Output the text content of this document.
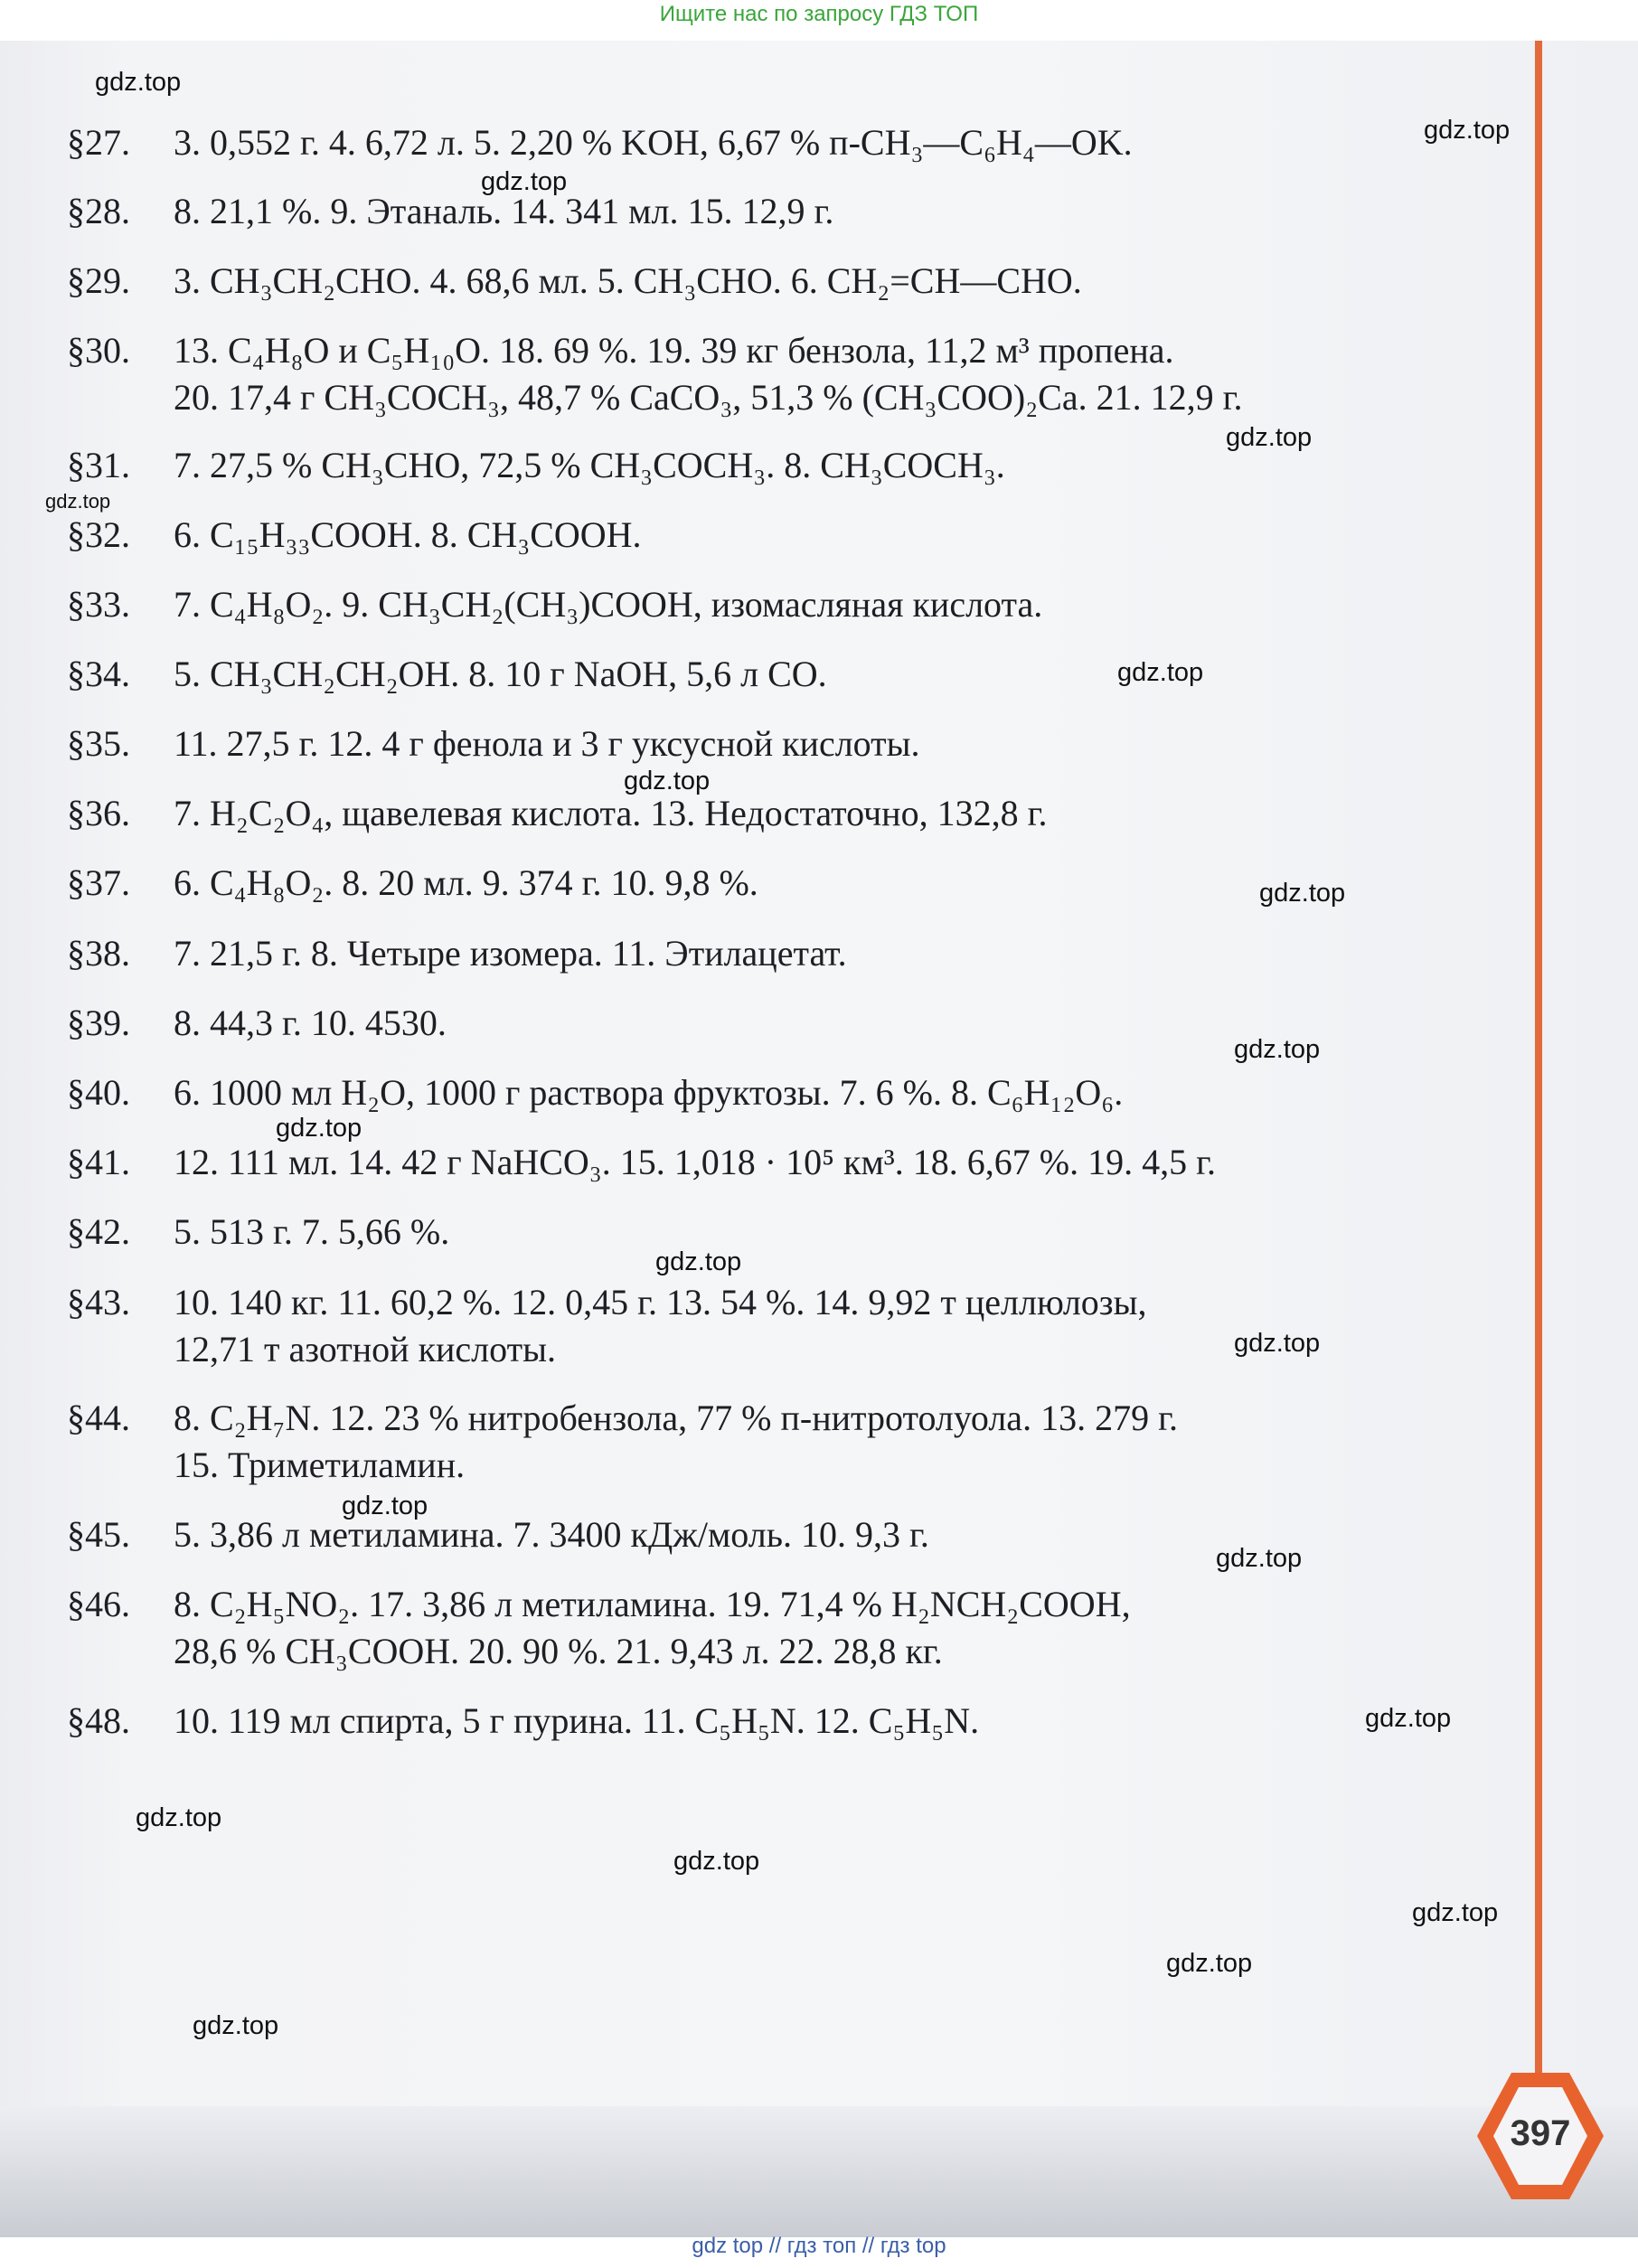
Ищите нас по запросу ГДЗ ТОП
§27. 3. 0,552 г. 4. 6,72 л. 5. 2,20 % KOH, 6,67 % п-CH₃—C₆H₄—OK.
§28. 8. 21,1 %. 9. Этаналь. 14. 341 мл. 15. 12,9 г.
§29. 3. CH₃CH₂CHO. 4. 68,6 мл. 5. CH₃CHO. 6. CH₂=CH—CHO.
§30. 13. C₄H₈O и C₅H₁₀O. 18. 69 %. 19. 39 кг бензола, 11,2 м³ пропена.
20. 17,4 г CH₃COCH₃, 48,7 % CaCO₃, 51,3 % (CH₃COO)₂Ca. 21. 12,9 г.
§31. 7. 27,5 % CH₃CHO, 72,5 % CH₃COCH₃. 8. CH₃COCH₃.
§32. 6. C₁₅H₃₃COOH. 8. CH₃COOH.
§33. 7. C₄H₈O₂. 9. CH₃CH₂(CH₃)COOH, изомасляная кислота.
§34. 5. CH₃CH₂CH₂OH. 8. 10 г NaOH, 5,6 л CO.
§35. 11. 27,5 г. 12. 4 г фенола и 3 г уксусной кислоты.
§36. 7. H₂C₂O₄, щавелевая кислота. 13. Недостаточно, 132,8 г.
§37. 6. C₄H₈O₂. 8. 20 мл. 9. 374 г. 10. 9,8 %.
§38. 7. 21,5 г. 8. Четыре изомера. 11. Этилацетат.
§39. 8. 44,3 г. 10. 4530.
§40. 6. 1000 мл H₂O, 1000 г раствора фруктозы. 7. 6 %. 8. C₆H₁₂O₆.
§41. 12. 111 мл. 14. 42 г NaHCO₃. 15. 1,018 · 10⁵ км³. 18. 6,67 %. 19. 4,5 г.
§42. 5. 513 г. 7. 5,66 %.
§43. 10. 140 кг. 11. 60,2 %. 12. 0,45 г. 13. 54 %. 14. 9,92 т целлюлозы,
12,71 т азотной кислоты.
§44. 8. C₂H₇N. 12. 23 % нитробензола, 77 % п-нитротолуола. 13. 279 г.
15. Триметиламин.
§45. 5. 3,86 л метиламина. 7. 3400 кДж/моль. 10. 9,3 г.
§46. 8. C₂H₅NO₂. 17. 3,86 л метиламина. 19. 71,4 % H₂NCH₂COOH,
28,6 % CH₃COOH. 20. 90 %. 21. 9,43 л. 22. 28,8 кг.
§48. 10. 119 мл спирта, 5 г пурина. 11. C₅H₅N. 12. C₅H₅N.
gdz.top
gdz.top
gdz.top
gdz.top
gdz.top
gdz.top
gdz.top
gdz.top
gdz.top
gdz.top
gdz.top
gdz.top
gdz.top
gdz.top
gdz.top
gdz.top
gdz.top
gdz.top
gdz.top
gdz.top
397
gdz top // гдз топ // гдз top
